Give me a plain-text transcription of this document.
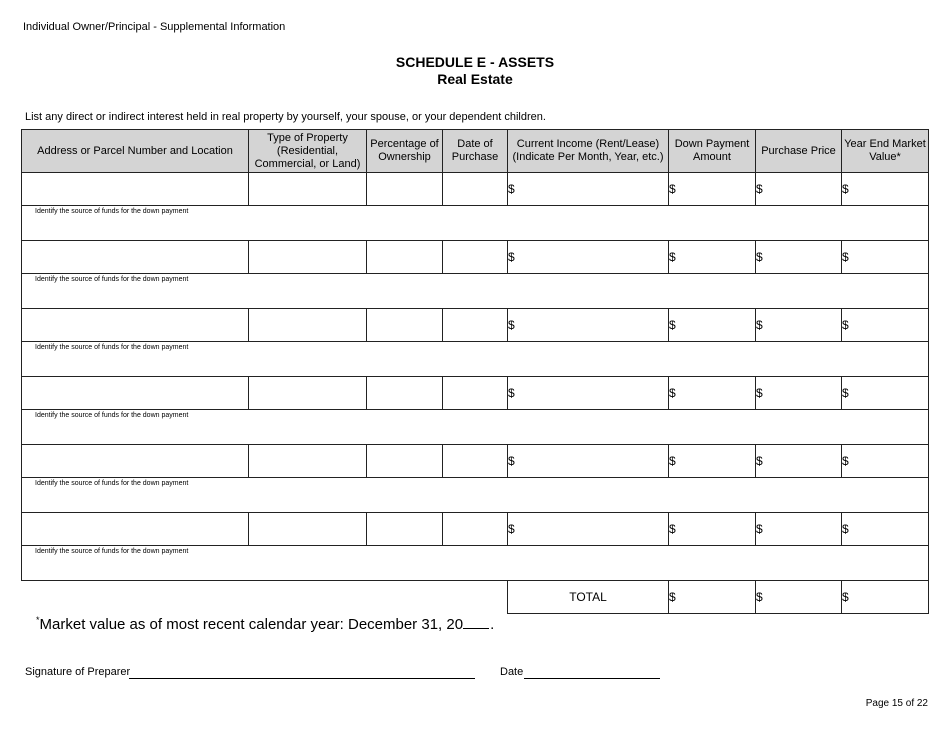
Individual Owner/Principal - Supplemental Information
SCHEDULE E - ASSETS
Real Estate
List any direct or indirect interest held in real property by yourself, your spouse, or your dependent children.
Address or Parcel Number and Location	Type of Property (Residential, Commercial, or Land)	Percentage of Ownership	Date of Purchase	Current Income (Rent/Lease) (Indicate Per Month, Year, etc.)	Down Payment Amount	Purchase Price	Year End Market Value*
				$	$	$	$

Identify the source of funds for the down payment							

				$	$	$	$

Identify the source of funds for the down payment							

				$	$	$	$

Identify the source of funds for the down payment							

				$	$	$	$

Identify the source of funds for the down payment							

				$	$	$	$

Identify the source of funds for the down payment							

				$	$	$	$

Identify the source of funds for the down payment							

				TOTAL	$	$	$
*Market value as of most recent calendar year: December 31, 20 .
Signature of Preparer	Date
Page 15 of 22
